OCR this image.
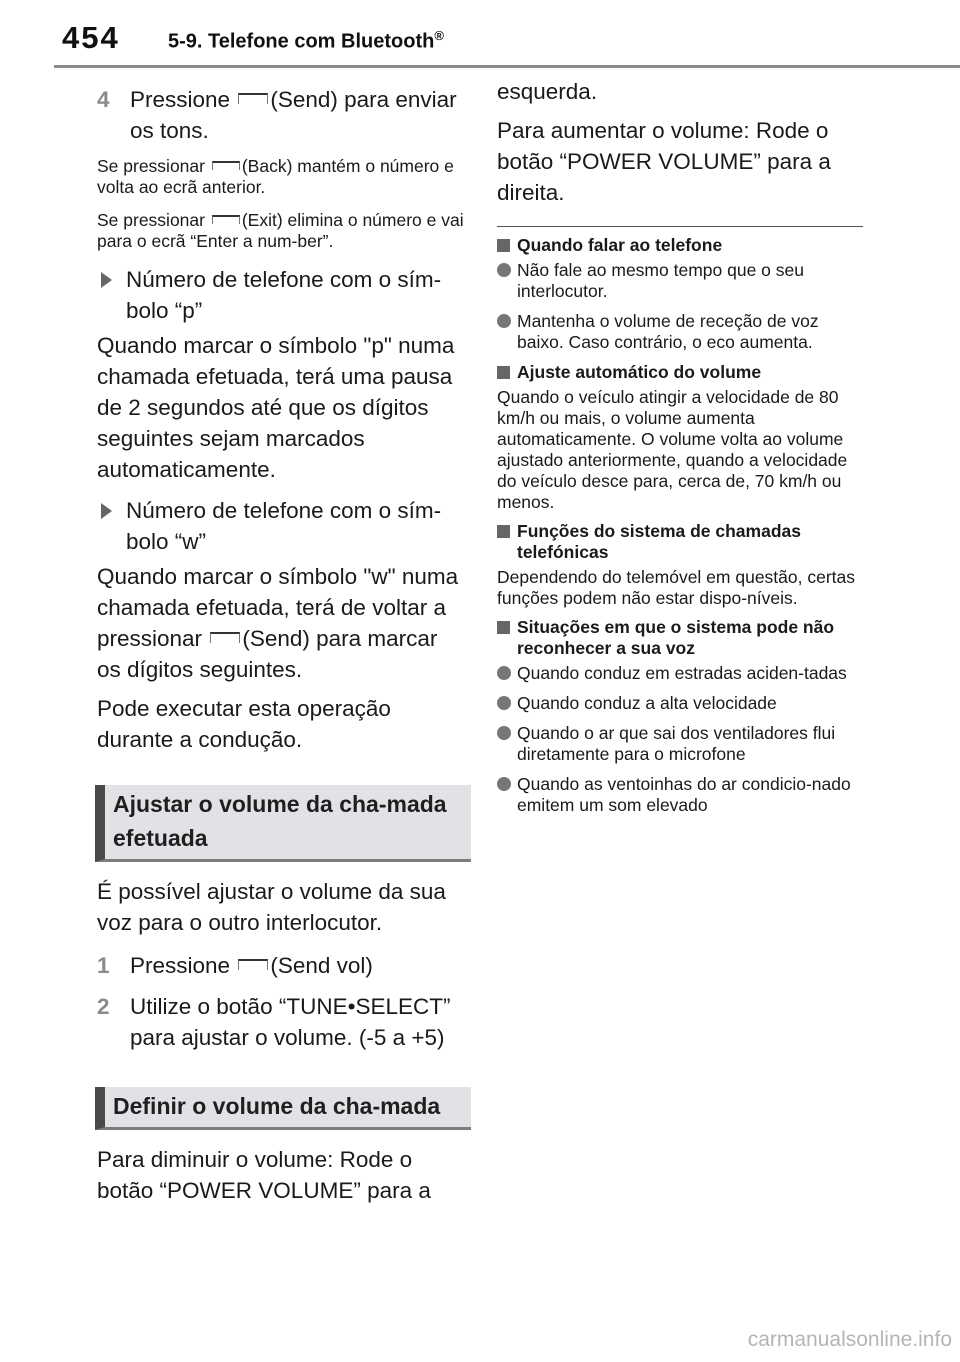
454 5-9. Telefone com Bluetooth®
4 Pressione (Send) para enviar os tons.

Se pressionar (Back) mantém o número e volta ao ecrã anterior.

Se pressionar (Exit) elimina o número e vai para o ecrã “Enter a num-ber”.

Número de telefone com o sím-bolo “p”

Quando marcar o símbolo "p" numa chamada efetuada, terá uma pausa de 2 segundos até que os dígitos seguintes sejam marcados automaticamente.

Número de telefone com o sím-bolo “w”

Quando marcar o símbolo "w" numa chamada efetuada, terá de voltar a pressionar (Send) para marcar os dígitos seguintes.

Pode executar esta operação durante a condução.

Ajustar o volume da cha-mada efetuada

É possível ajustar o volume da sua voz para o outro interlocutor.

1 Pressione (Send vol)

2 Utilize o botão “TUNE•SELECT” para ajustar o volume. (-5 a +5)

Definir o volume da cha-mada

Para diminuir o volume: Rode o botão “POWER VOLUME” para a

esquerda.

Para aumentar o volume: Rode o botão “POWER VOLUME” para a direita.

Quando falar ao telefone
Não fale ao mesmo tempo que o seu interlocutor.
Mantenha o volume de receção de voz baixo. Caso contrário, o eco aumenta.
Ajuste automático do volume

Quando o veículo atingir a velocidade de 80 km/h ou mais, o volume aumenta automaticamente. O volume volta ao volume ajustado anteriormente, quando a velocidade do veículo desce para, cerca de, 70 km/h ou menos.

Funções do sistema de chamadas telefónicas

Dependendo do telemóvel em questão, certas funções podem não estar dispo-níveis.

Situações em que o sistema pode não reconhecer a sua voz
Quando conduz em estradas aciden-tadas
Quando conduz a alta velocidade
Quando o ar que sai dos ventiladores flui diretamente para o microfone
Quando as ventoinhas do ar condicio-nado emitem um som elevado
carmanualsonline.info
